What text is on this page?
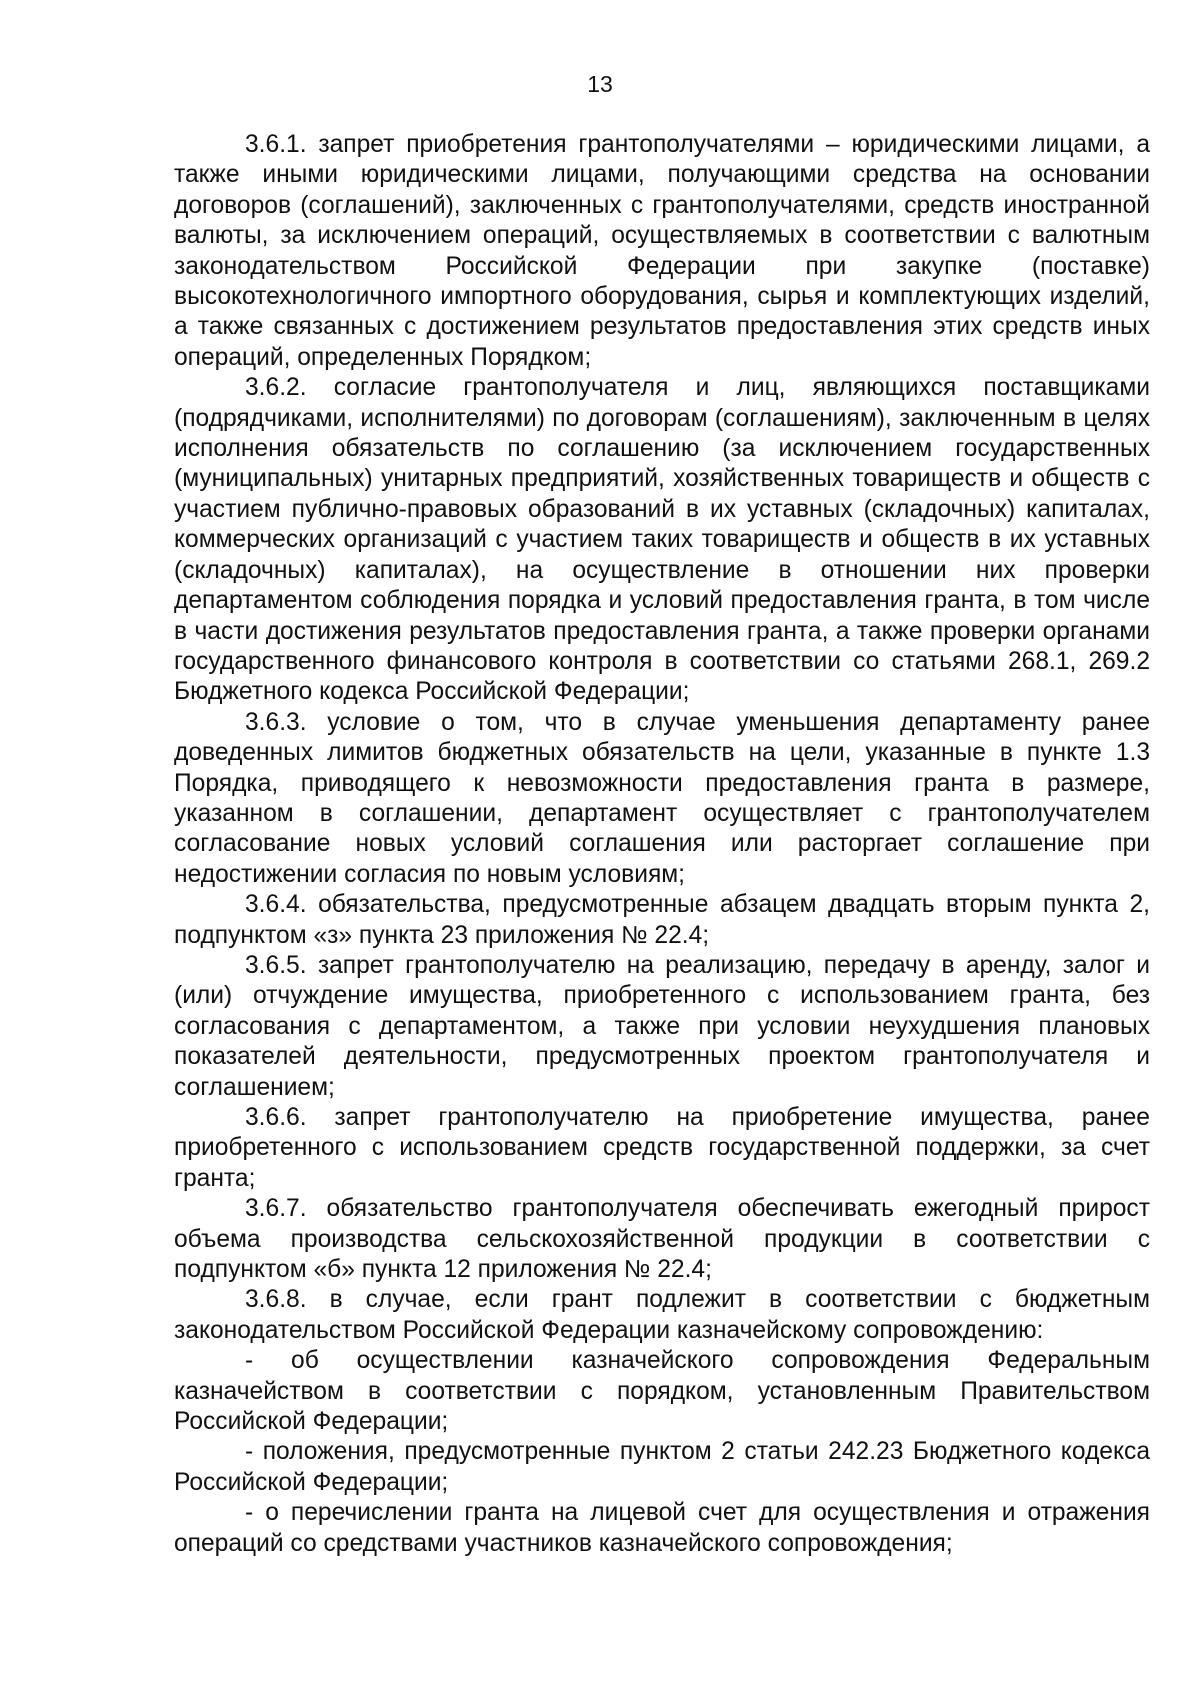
13

3.6.1. запрет приобретения грантополучателями – юридическими лицами, а также иными юридическими лицами, получающими средства на основании договоров (соглашений), заключенных с грантополучателями, средств иностранной валюты, за исключением операций, осуществляемых в соответствии с валютным законодательством Российской Федерации при закупке (поставке) высокотехнологичного импортного оборудования, сырья и комплектующих изделий, а также связанных с достижением результатов предоставления этих средств иных операций, определенных Порядком;

3.6.2. согласие грантополучателя и лиц, являющихся поставщиками (подрядчиками, исполнителями) по договорам (соглашениям), заключенным в целях исполнения обязательств по соглашению (за исключением государственных (муниципальных) унитарных предприятий, хозяйственных товариществ и обществ с участием публично-правовых образований в их уставных (складочных) капиталах, коммерческих организаций с участием таких товариществ и обществ в их уставных (складочных) капиталах), на осуществление в отношении них проверки департаментом соблюдения порядка и условий предоставления гранта, в том числе в части достижения результатов предоставления гранта, а также проверки органами государственного финансового контроля в соответствии со статьями 268.1, 269.2 Бюджетного кодекса Российской Федерации;

3.6.3. условие о том, что в случае уменьшения департаменту ранее доведенных лимитов бюджетных обязательств на цели, указанные в пункте 1.3 Порядка, приводящего к невозможности предоставления гранта в размере, указанном в соглашении, департамент осуществляет с грантополучателем согласование новых условий соглашения или расторгает соглашение при недостижении согласия по новым условиям;

3.6.4. обязательства, предусмотренные абзацем двадцать вторым пункта 2, подпунктом «з» пункта 23 приложения № 22.4;

3.6.5. запрет грантополучателю на реализацию, передачу в аренду, залог и (или) отчуждение имущества, приобретенного с использованием гранта, без согласования с департаментом, а также при условии неухудшения плановых показателей деятельности, предусмотренных проектом грантополучателя и соглашением;

3.6.6. запрет грантополучателю на приобретение имущества, ранее приобретенного с использованием средств государственной поддержки, за счет гранта;

3.6.7. обязательство грантополучателя обеспечивать ежегодный прирост объема производства сельскохозяйственной продукции в соответствии с подпунктом «б» пункта 12 приложения № 22.4;

3.6.8. в случае, если грант подлежит в соответствии с бюджетным законодательством Российской Федерации казначейскому сопровождению:

- об осуществлении казначейского сопровождения Федеральным казначейством в соответствии с порядком, установленным Правительством Российской Федерации;

- положения, предусмотренные пунктом 2 статьи 242.23 Бюджетного кодекса Российской Федерации;

- о перечислении гранта на лицевой счет для осуществления и отражения операций со средствами участников казначейского сопровождения;
